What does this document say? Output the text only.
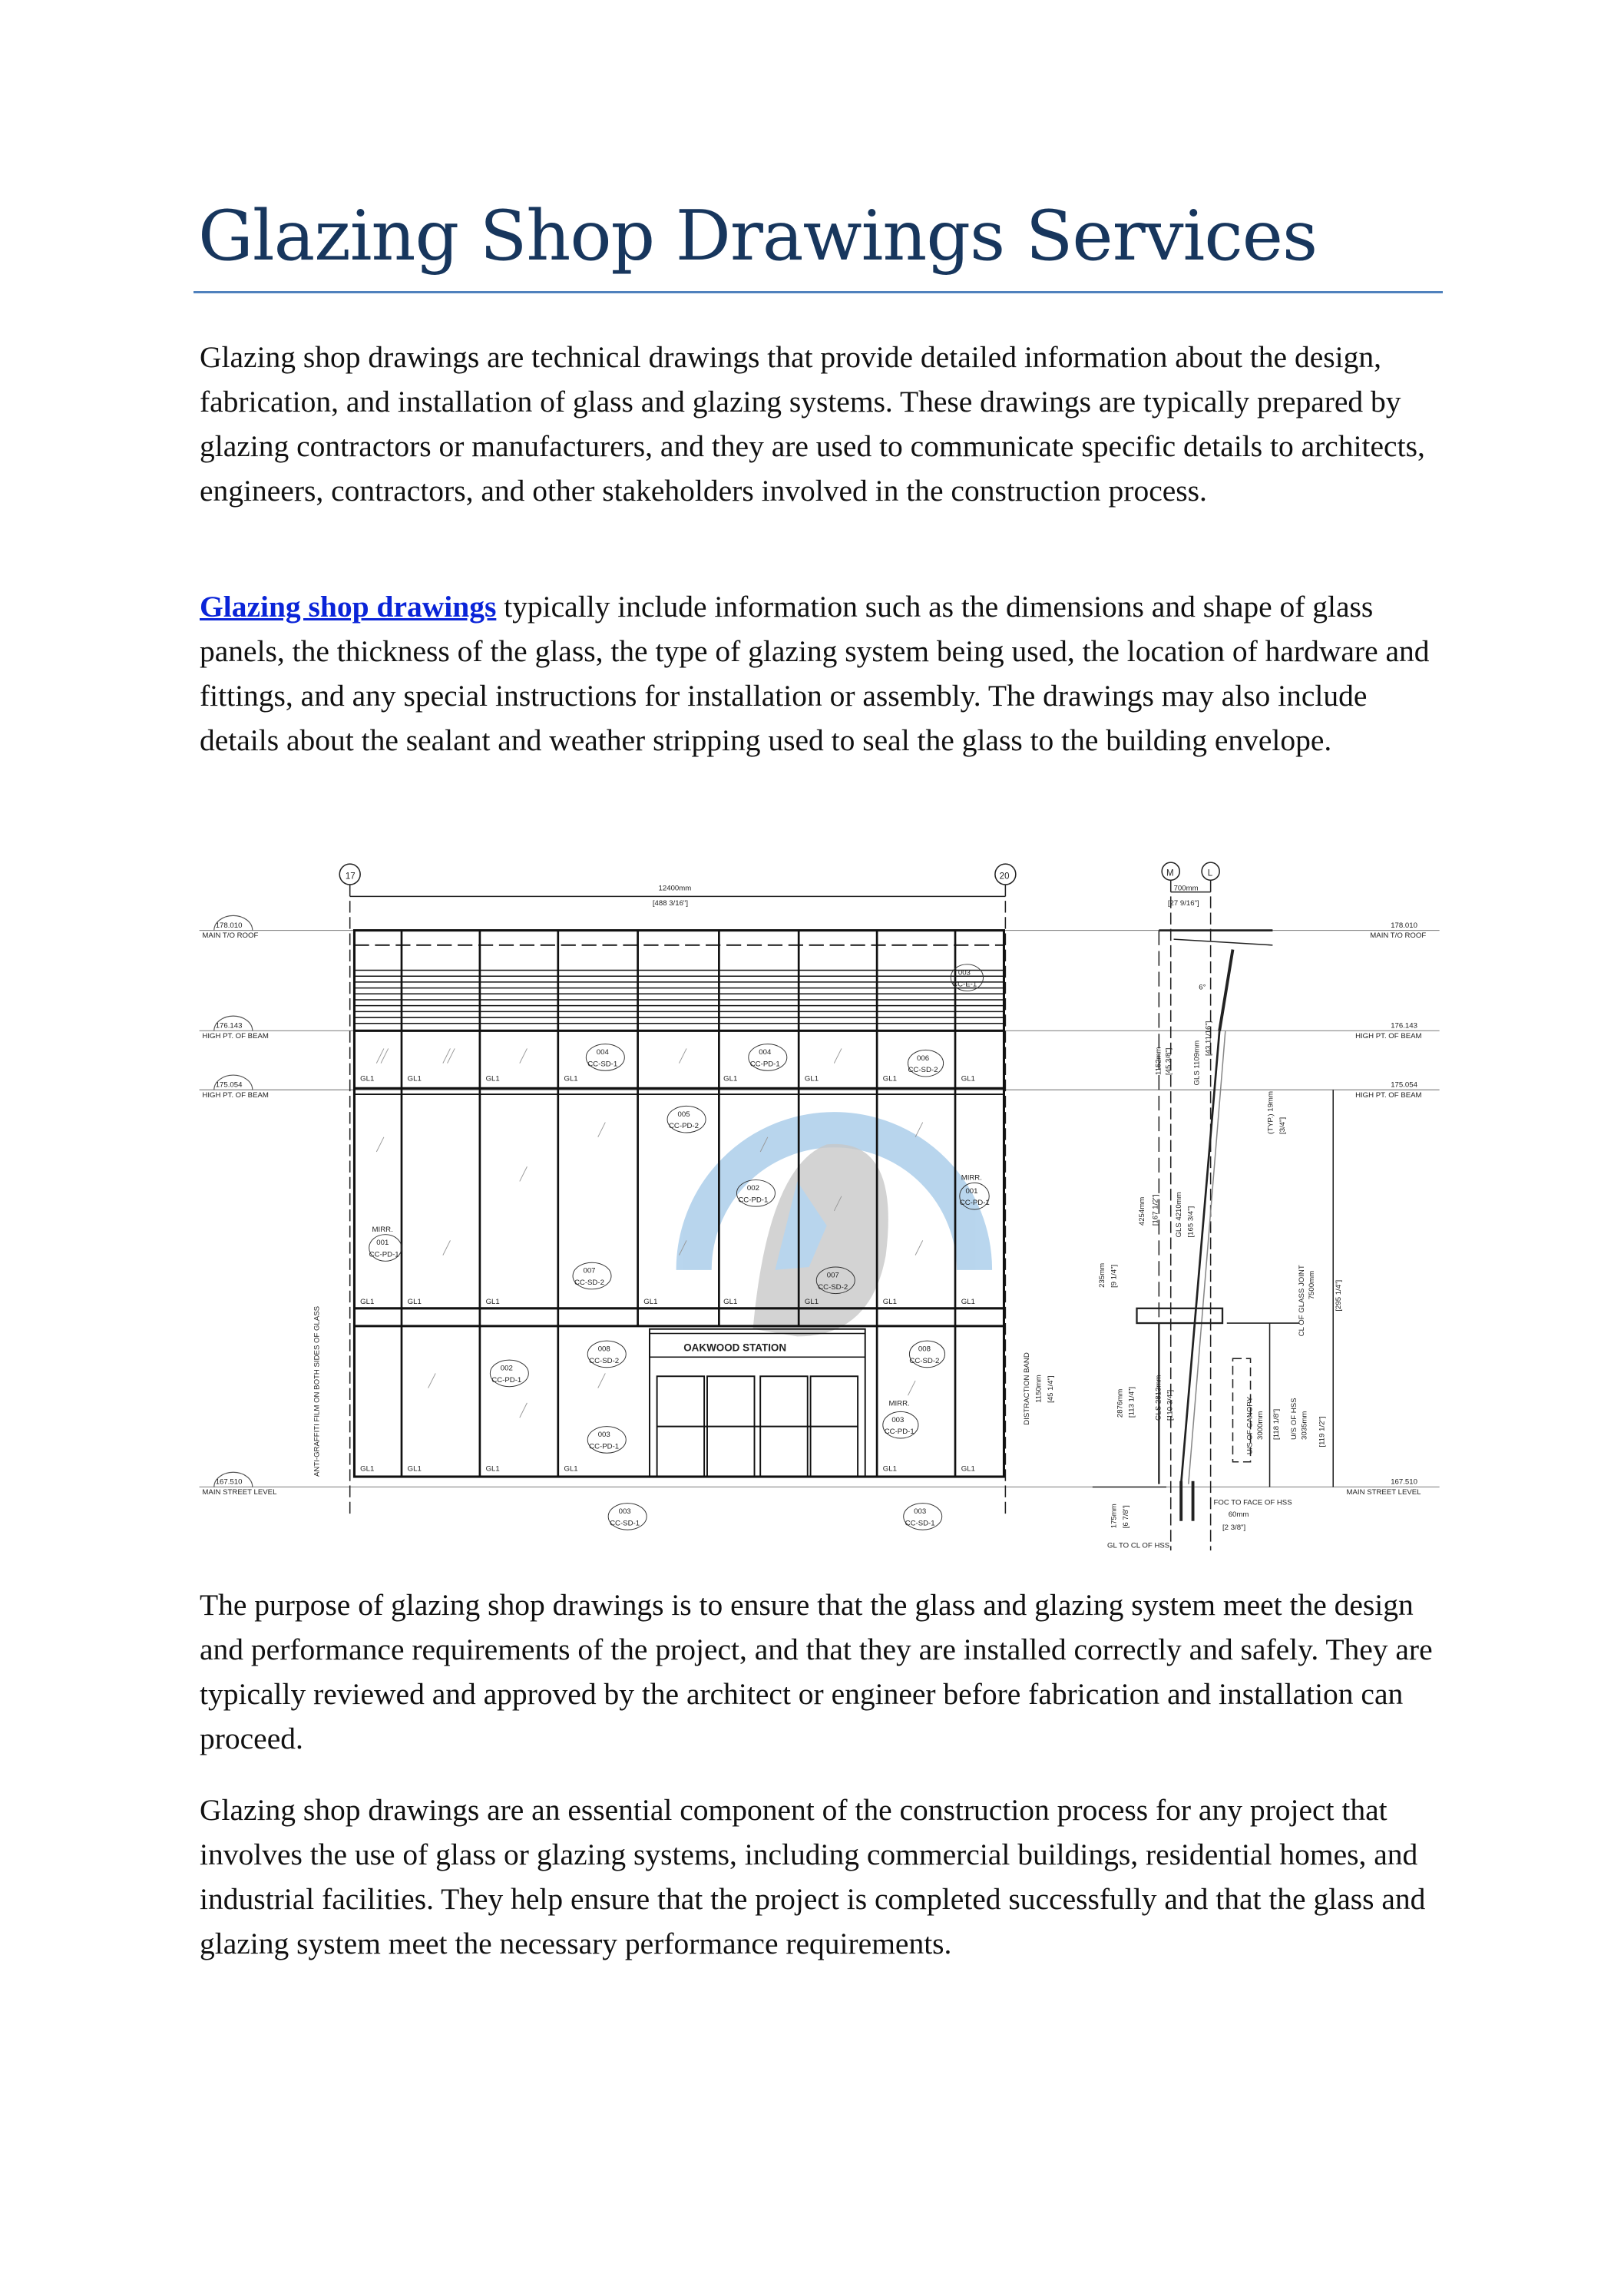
Glazing Shop Drawings Services

Glazing shop drawings are technical drawings that provide detailed information about the design, fabrication, and installation of glass and glazing systems. These drawings are typically prepared by glazing contractors or manufacturers, and they are used to communicate specific details to architects, engineers, contractors, and other stakeholders involved in the construction process.

Glazing shop drawings typically include information such as the dimensions and shape of glass panels, the thickness of the glass, the type of glazing system being used, the location of hardware and fittings, and any special instructions for installation or assembly. The drawings may also include details about the sealant and weather stripping used to seal the glass to the building envelope.

178.010
MAIN T/O ROOF
176.143
HIGH PT. OF BEAM
175.054
HIGH PT. OF BEAM
167.510
MAIN STREET LEVEL
178.010
MAIN T/O ROOF
176.143
HIGH PT. OF BEAM
175.054
HIGH PT. OF BEAM
167.510
MAIN STREET LEVEL
17	20	M	L
12400mm
[488 3/16"]
700mm
[27 9/16"]
GL1	GL1	GL1	GL1	GL1	GL1	GL1	GL1
GL1	GL1	GL1	GL1	GL1	GL1	GL1	GL1
GL1	GL1	GL1	GL1	GL1	GL1
003
CC-E-1
004
CC-SD-1
004
CC-PD-1
006
CC-SD-2
005
CC-PD-2
002
CC-PD-1
MIRR.
001
CC-PD-1
MIRR.
001
CC-PD-1
007
CC-SD-2
007
CC-SD-2
008
CC-SD-2
008
CC-SD-2
002
CC-PD-1
003
CC-PD-1
MIRR.
003
CC-PD-1
003
CC-SD-1
003
CC-SD-1
OAKWOOD STATION
ANTI-GRAFFITI FILM ON BOTH SIDES OF GLASS	DISTRACTION BAND 1150mm [45 1/4"]
1152mm [45 3/8"]	GLS 1109mm
[43 11/16"]
6°
(TYP.) 19mm [3/4"]
4254mm [167 1/2"]	GLS 4210mm [165 3/4"]
235mm [9 1/4"]	CL OF GLASS JOINT 7500mm	[295 1/4"]
2876mm [113 1/4"]	GLS 2813mm [110 3/4"]	U/S OF CANOPY 3000mm [118 1/8"] U/S OF HSS 3035mm [119 1/2"]
175mm [6 7/8"]
GL TO CL OF HSS
FOC TO FACE OF HSS
60mm
[2 3/8"]

The purpose of glazing shop drawings is to ensure that the glass and glazing system meet the design and performance requirements of the project, and that they are installed correctly and safely. They are typically reviewed and approved by the architect or engineer before fabrication and installation can proceed.

Glazing shop drawings are an essential component of the construction process for any project that involves the use of glass or glazing systems, including commercial buildings, residential homes, and industrial facilities. They help ensure that the project is completed successfully and that the glass and glazing system meet the necessary performance requirements.
